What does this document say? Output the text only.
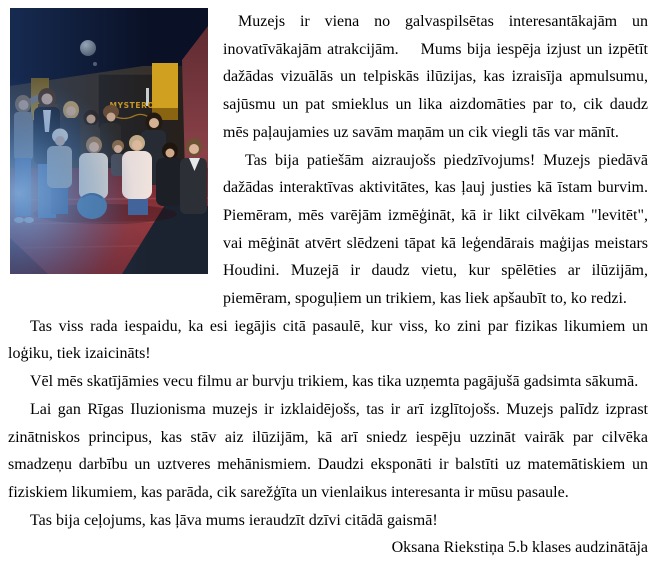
Muzejs ir viena no galvaspilsētas interesantākajām un inovatīvākajām atrakcijām.    Mums bija iespēja izjust un izpētīt dažādas vizuālās un telpiskās ilūzijas, kas izraisīja apmulsumu, sajūsmu un pat smieklus un lika aizdomāties par to, cik daudz mēs paļaujamies uz savām maņām un cik viegli tās var mānīt.

Tas bija patiešām aizraujošs piedzīvojums! Muzejs piedāvā dažādas interaktīvas aktivitātes, kas ļauj justies kā īstam burvim. Piemēram, mēs varējām izmēģināt, kā ir likt cilvēkam "levitēt", vai mēģināt atvērt slēdzeni tāpat kā leģendārais maģijas meistars Houdini. Muzejā ir daudz vietu, kur spēlēties ar ilūzijām, piemēram, spoguļiem un trikiem, kas liek apšaubīt to, ko redzi.

Tas viss rada iespaidu, ka esi iegājis citā pasaulē, kur viss, ko zini par fizikas likumiem un loģiku, tiek izaicināts!

Vēl mēs skatījāmies vecu filmu ar burvju trikiem, kas tika uzņemta pagājušā gadsimta sākumā.

Lai gan Rīgas Iluzionisma muzejs ir izklaidējošs, tas ir arī izglītojošs. Muzejs palīdz izprast zinātniskos principus, kas stāv aiz ilūzijām, kā arī sniedz iespēju uzzināt vairāk par cilvēka smadzeņu darbību un uztveres mehānismiem. Daudzi eksponāti ir balstīti uz matemātiskiem un fiziskiem likumiem, kas parāda, cik sarežģīta un vienlaikus interesanta ir mūsu pasaule.

Tas bija ceļojums, kas ļāva mums ieraudzīt dzīvi citādā gaismā!

Oksana Riekstiņa 5.b klases audzinātāja
